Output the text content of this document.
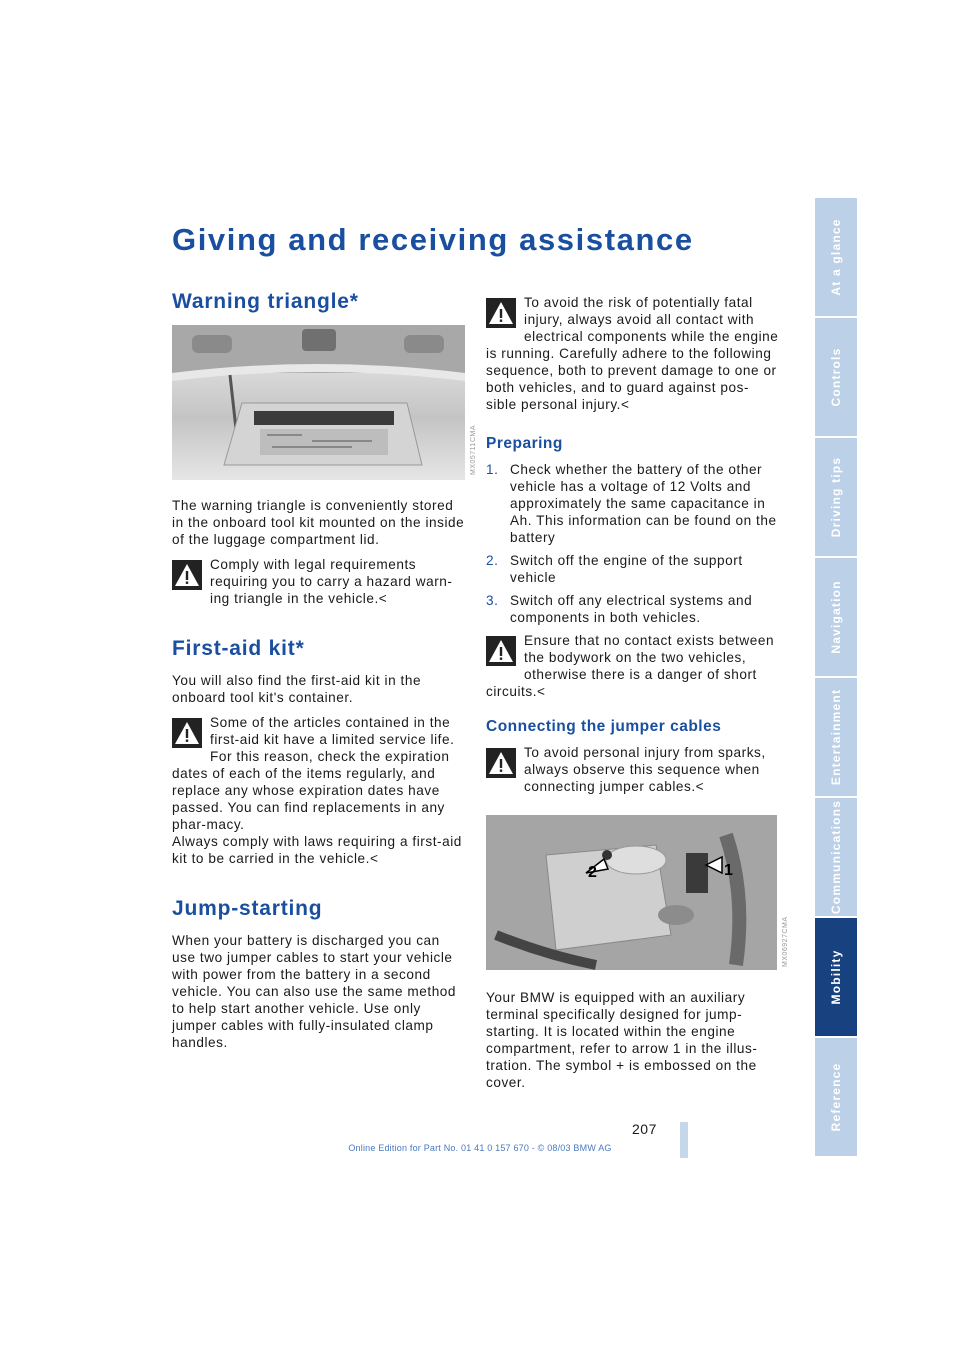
Giving and receiving assistance
Warning triangle*
MX05711CMA

The warning triangle is conveniently stored in the onboard tool kit mounted on the inside of the luggage compartment lid.

Comply with legal requirements requiring you to carry a hazard warn-ing triangle in the vehicle.<

First-aid kit*

You will also find the first-aid kit in the onboard tool kit's container.

Some of the articles contained in the first-aid kit have a limited service life. For this reason, check the expiration dates of each of the items regularly, and replace any whose expiration dates have passed. You can find replacements in any phar-macy.

Always comply with laws requiring a first-aid kit to be carried in the vehicle.<

Jump-starting

When your battery is discharged you can use two jumper cables to start your vehicle with power from the battery in a second vehicle. You can also use the same method to help start another vehicle. Use only jumper cables with fully-insulated clamp handles.

To avoid the risk of potentially fatal injury, always avoid all contact with electrical components while the engine is running. Carefully adhere to the following sequence, both to prevent damage to one or both vehicles, and to guard against pos-sible personal injury.<

Preparing
1. Check whether the battery of the other vehicle has a voltage of 12 Volts and approximately the same capacitance in Ah. This information can be found on the battery
2. Switch off the engine of the support vehicle
3. Switch off any electrical systems and components in both vehicles.

Ensure that no contact exists between the bodywork on the two vehicles, otherwise there is a danger of short circuits.<

Connecting the jumper cables

To avoid personal injury from sparks, always observe this sequence when connecting jumper cables.<

2	1
MX06927CMA

Your BMW is equipped with an auxiliary terminal specifically designed for jump-starting. It is located within the engine compartment, refer to arrow 1 in the illus-tration. The symbol + is embossed on the cover.

At a glance
Controls
Driving tips
Navigation
Entertainment
Communications
Mobility
Reference
207
Online Edition for Part No. 01 41 0 157 670 - © 08/03 BMW AG
